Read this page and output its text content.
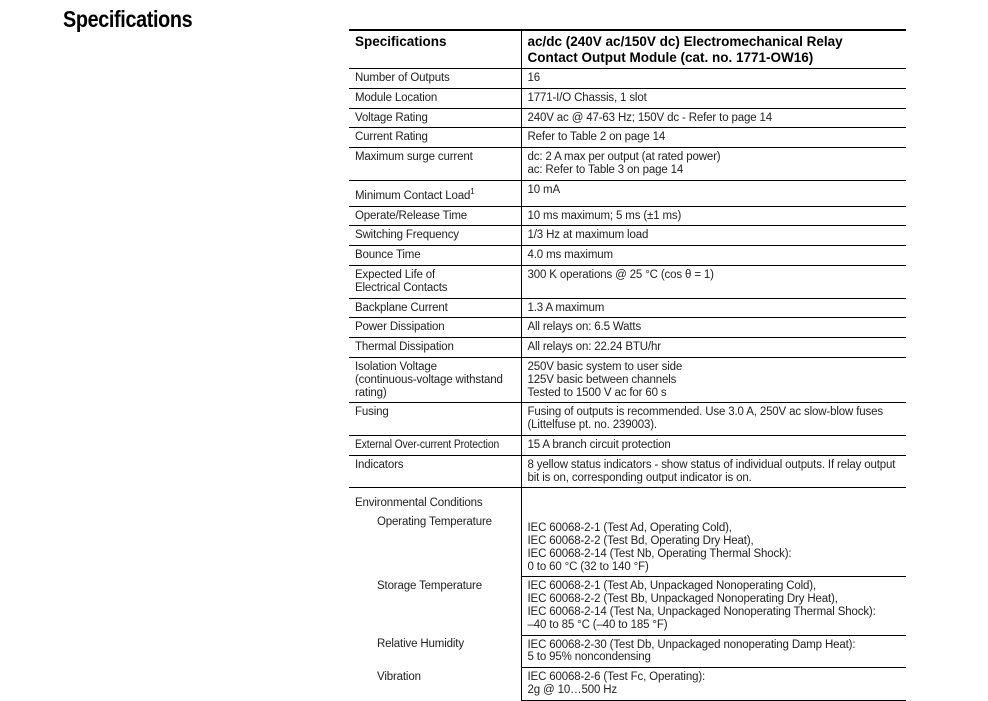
Specifications
Specifications	ac/dc (240V ac/150V dc) Electromechanical Relay
Contact Output Module (cat. no. 1771-OW16)

Number of Outputs	16

Module Location	1771-I/O Chassis, 1 slot

Voltage Rating	240V ac @ 47-63 Hz; 150V dc - Refer to page 14

Current Rating	Refer to Table 2 on page 14

Maximum surge current	dc: 2 A max per output (at rated power)
ac: Refer to Table 3 on page 14

Minimum Contact Load$^1$	10 mA

Operate/Release Time	10 ms maximum; 5 ms (±1 ms)

Switching Frequency	1/3 Hz at maximum load

Bounce Time	4.0 ms maximum

Expected Life of
Electrical Contacts	300 K operations @ 25 °C (cos θ = 1)

Backplane Current	1.3 A maximum

Power Dissipation	All relays on: 6.5 Watts

Thermal Dissipation	All relays on: 22.24 BTU/hr

Isolation Voltage
(continuous-voltage withstand
rating)	250V basic system to user side
125V basic between channels
Tested to 1500 V ac for 60 s

Fusing	Fusing of outputs is recommended. Use 3.0 A, 250V ac slow-blow fuses
(Littelfuse pt. no. 239003).

External Over-current Protection	15 A branch circuit protection

Indicators	8 yellow status indicators - show status of individual outputs. If relay output
bit is on, corresponding output indicator is on.

Environmental Conditions	
Operating Temperature	IEC 60068-2-1 (Test Ad, Operating Cold),
IEC 60068-2-2 (Test Bd, Operating Dry Heat),
IEC 60068-2-14 (Test Nb, Operating Thermal Shock):
0 to 60 °C (32 to 140 °F)

Storage Temperature	IEC 60068-2-1 (Test Ab, Unpackaged Nonoperating Cold),
IEC 60068-2-2 (Test Bb, Unpackaged Nonoperating Dry Heat),
IEC 60068-2-14 (Test Na, Unpackaged Nonoperating Thermal Shock):
–40 to 85 °C (–40 to 185 °F)

Relative Humidity	IEC 60068-2-30 (Test Db, Unpackaged nonoperating Damp Heat):
5 to 95% noncondensing

Vibration	IEC 60068-2-6 (Test Fc, Operating):
2g @ 10…500 Hz
